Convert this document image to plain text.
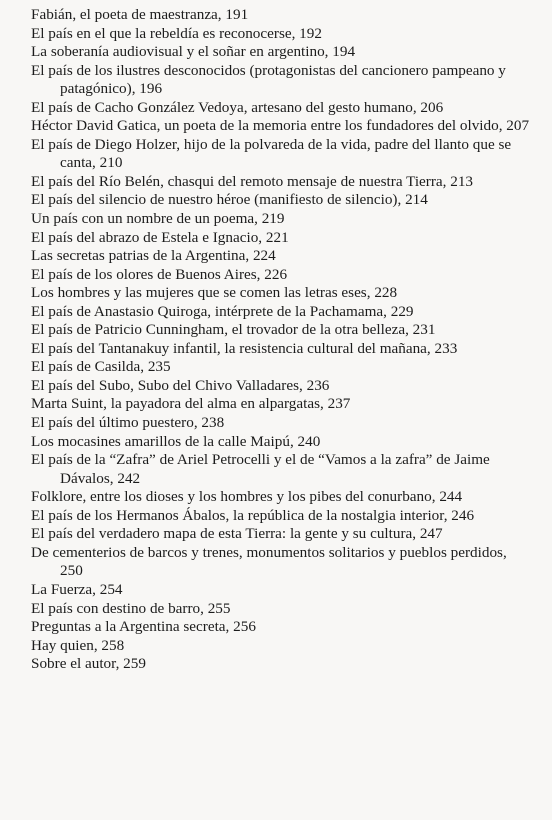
Fabián, el poeta de maestranza, 191
El país en el que la rebeldía es reconocerse, 192
La soberanía audiovisual y el soñar en argentino, 194
El país de los ilustres desconocidos (protagonistas del cancionero pampeano y patagónico), 196
El país de Cacho González Vedoya, artesano del gesto humano, 206
Héctor David Gatica, un poeta de la memoria entre los fundadores del olvido, 207
El país de Diego Holzer, hijo de la polvareda de la vida, padre del llanto que se canta, 210
El país del Río Belén, chasqui del remoto mensaje de nuestra Tierra, 213
El país del silencio de nuestro héroe (manifiesto de silencio), 214
Un país con un nombre de un poema, 219
El país del abrazo de Estela e Ignacio, 221
Las secretas patrias de la Argentina, 224
El país de los olores de Buenos Aires, 226
Los hombres y las mujeres que se comen las letras eses, 228
El país de Anastasio Quiroga, intérprete de la Pachamama, 229
El país de Patricio Cunningham, el trovador de la otra belleza, 231
El país del Tantanakuy infantil, la resistencia cultural del mañana, 233
El país de Casilda, 235
El país del Subo, Subo del Chivo Valladares, 236
Marta Suint, la payadora del alma en alpargatas, 237
El país del último puestero, 238
Los mocasines amarillos de la calle Maipú, 240
El país de la “Zafra” de Ariel Petrocelli y el de “Vamos a la zafra” de Jaime Dávalos, 242
Folklore, entre los dioses y los hombres y los pibes del conurbano, 244
El país de los Hermanos Ábalos, la república de la nostalgia interior, 246
El país del verdadero mapa de esta Tierra: la gente y su cultura, 247
De cementerios de barcos y trenes, monumentos solitarios y pueblos perdidos, 250
La Fuerza, 254
El país con destino de barro, 255
Preguntas a la Argentina secreta, 256
Hay quien, 258
Sobre el autor, 259
